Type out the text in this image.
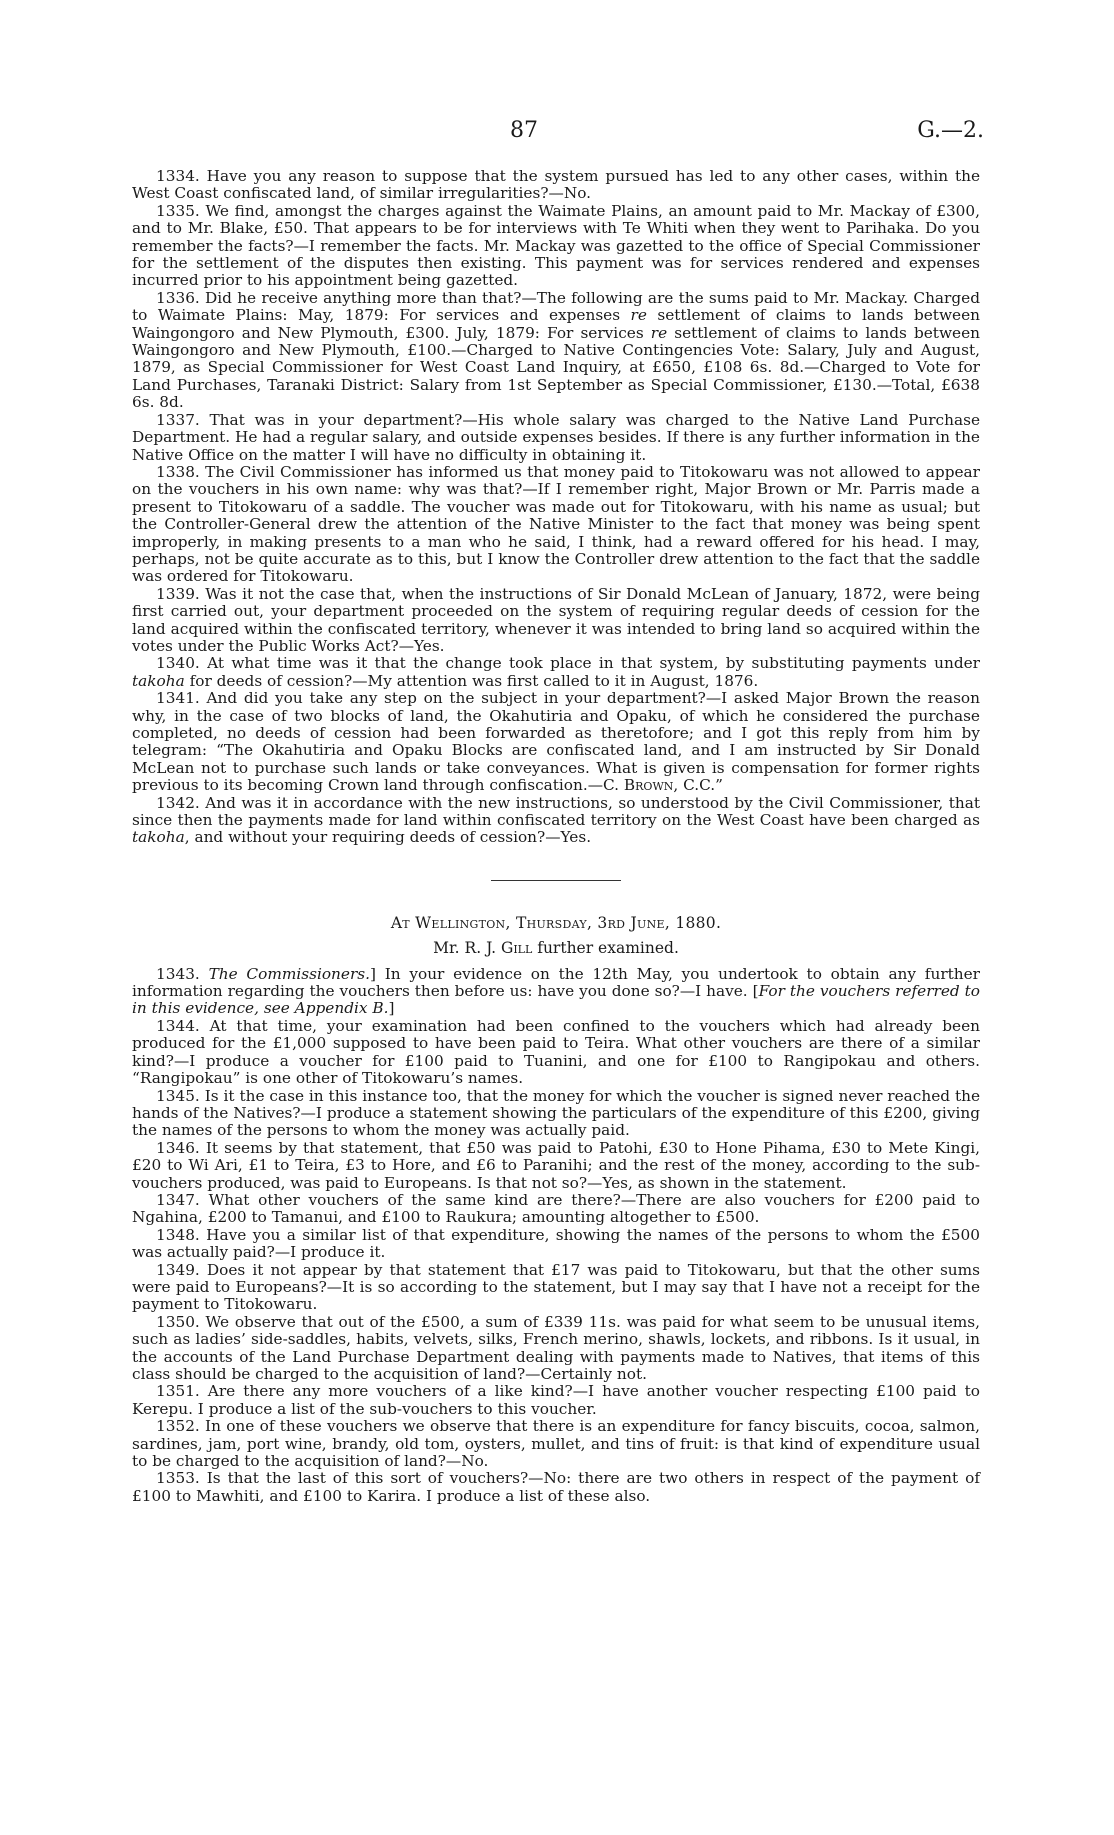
87	G.—2.

1334. Have you any reason to suppose that the system pursued has led to any other cases, within the West Coast confiscated land, of similar irregularities?—No.

1335. We find, amongst the charges against the Waimate Plains, an amount paid to Mr. Mackay of £300, and to Mr. Blake, £50. That appears to be for interviews with Te Whiti when they went to Parihaka. Do you remember the facts?—I remember the facts. Mr. Mackay was gazetted to the office of Special Commissioner for the settlement of the disputes then existing. This payment was for services rendered and expenses incurred prior to his appointment being gazetted.

1336. Did he receive anything more than that?—The following are the sums paid to Mr. Mackay. Charged to Waimate Plains: May, 1879: For services and expenses re settlement of claims to lands between Waingongoro and New Plymouth, £300. July, 1879: For services re settlement of claims to lands between Waingongoro and New Plymouth, £100.—Charged to Native Contingencies Vote: Salary, July and August, 1879, as Special Commissioner for West Coast Land Inquiry, at £650, £108 6s. 8d.—Charged to Vote for Land Purchases, Taranaki District: Salary from 1st September as Special Commissioner, £130.—Total, £638 6s. 8d.

1337. That was in your department?—His whole salary was charged to the Native Land Purchase Department. He had a regular salary, and outside expenses besides. If there is any further information in the Native Office on the matter I will have no difficulty in obtaining it.

1338. The Civil Commissioner has informed us that money paid to Titokowaru was not allowed to appear on the vouchers in his own name: why was that?—If I remember right, Major Brown or Mr. Parris made a present to Titokowaru of a saddle. The voucher was made out for Titokowaru, with his name as usual; but the Controller-General drew the attention of the Native Minister to the fact that money was being spent improperly, in making presents to a man who he said, I think, had a reward offered for his head. I may, perhaps, not be quite accurate as to this, but I know the Controller drew attention to the fact that the saddle was ordered for Titokowaru.

1339. Was it not the case that, when the instructions of Sir Donald McLean of January, 1872, were being first carried out, your department proceeded on the system of requiring regular deeds of cession for the land acquired within the confiscated territory, whenever it was intended to bring land so acquired within the votes under the Public Works Act?—Yes.

1340. At what time was it that the change took place in that system, by substituting payments under takoha for deeds of cession?—My attention was first called to it in August, 1876.

1341. And did you take any step on the subject in your department?—I asked Major Brown the reason why, in the case of two blocks of land, the Okahutiria and Opaku, of which he considered the purchase completed, no deeds of cession had been forwarded as theretofore; and I got this reply from him by telegram: “The Okahutiria and Opaku Blocks are confiscated land, and I am instructed by Sir Donald McLean not to purchase such lands or take conveyances. What is given is compensation for former rights previous to its becoming Crown land through confiscation.—C. Brown, C.C.”

1342. And was it in accordance with the new instructions, so understood by the Civil Commissioner, that since then the payments made for land within confiscated territory on the West Coast have been charged as takoha, and without your requiring deeds of cession?—Yes.

At Wellington, Thursday, 3rd June, 1880.
Mr. R. J. Gill further examined.

1343. The Commissioners.] In your evidence on the 12th May, you undertook to obtain any further information regarding the vouchers then before us: have you done so?—I have. [For the vouchers referred to in this evidence, see Appendix B.]

1344. At that time, your examination had been confined to the vouchers which had already been produced for the £1,000 supposed to have been paid to Teira. What other vouchers are there of a similar kind?—I produce a voucher for £100 paid to Tuanini, and one for £100 to Rangipokau and others. “Rangipokau” is one other of Titokowaru’s names.

1345. Is it the case in this instance too, that the money for which the voucher is signed never reached the hands of the Natives?—I produce a statement showing the particulars of the expenditure of this £200, giving the names of the persons to whom the money was actually paid.

1346. It seems by that statement, that £50 was paid to Patohi, £30 to Hone Pihama, £30 to Mete Kingi, £20 to Wi Ari, £1 to Teira, £3 to Hore, and £6 to Paranihi; and the rest of the money, according to the sub-vouchers produced, was paid to Europeans. Is that not so?—Yes, as shown in the statement.

1347. What other vouchers of the same kind are there?—There are also vouchers for £200 paid to Ngahina, £200 to Tamanui, and £100 to Raukura; amounting altogether to £500.

1348. Have you a similar list of that expenditure, showing the names of the persons to whom the £500 was actually paid?—I produce it.

1349. Does it not appear by that statement that £17 was paid to Titokowaru, but that the other sums were paid to Europeans?—It is so according to the statement, but I may say that I have not a receipt for the payment to Titokowaru.

1350. We observe that out of the £500, a sum of £339 11s. was paid for what seem to be unusual items, such as ladies’ side-saddles, habits, velvets, silks, French merino, shawls, lockets, and ribbons. Is it usual, in the accounts of the Land Purchase Department dealing with payments made to Natives, that items of this class should be charged to the acquisition of land?—Certainly not.

1351. Are there any more vouchers of a like kind?—I have another voucher respecting £100 paid to Kerepu. I produce a list of the sub-vouchers to this voucher.

1352. In one of these vouchers we observe that there is an expenditure for fancy biscuits, cocoa, salmon, sardines, jam, port wine, brandy, old tom, oysters, mullet, and tins of fruit: is that kind of expenditure usual to be charged to the acquisition of land?—No.

1353. Is that the last of this sort of vouchers?—No: there are two others in respect of the payment of £100 to Mawhiti, and £100 to Karira. I produce a list of these also.
